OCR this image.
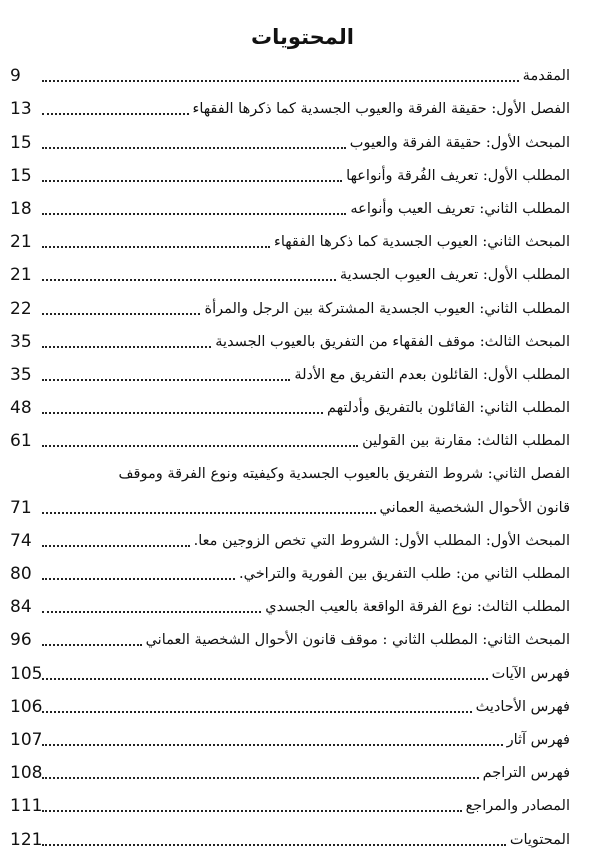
المحتويات
9	المقدمة
13	الفصل الأول: حقيقة الفرقة والعيوب الجسدية كما ذكرها الفقهاء
15	المبحث الأول: حقيقة الفرقة والعيوب
15	المطلب الأول: تعريف الفُرقة وأنواعها
18	المطلب الثاني: تعريف العيب وأنواعه
21	المبحث الثاني: العيوب الجسدية كما ذكرها الفقهاء
21	المطلب الأول: تعريف العيوب الجسدية
22	المطلب الثاني: العيوب الجسدية المشتركة بين الرجل والمرأة
35	المبحث الثالث: موقف الفقهاء من التفريق بالعيوب الجسدية
35	المطلب الأول: القائلون بعدم التفريق مع الأدلة
48	المطلب الثاني: القائلون بالتفريق وأدلتهم
61	المطلب الثالث: مقارنة بين القولين
الفصل الثاني: شروط التفريق بالعيوب الجسدية وكيفيته ونوع الفرقة وموقف
71	قانون الأحوال الشخصية العماني
74	المبحث الأول: المطلب الأول: الشروط التي تخص الزوجين معا.
80	المطلب الثاني من: طلب التفريق بين الفورية والتراخي.
84	المطلب الثالث: نوع الفرقة الواقعة بالعيب الجسدي
96	المبحث الثاني: المطلب الثاني : موقف قانون الأحوال الشخصية العماني
105	فهرس الآيات
106	فهرس الأحاديث
107	فهرس آثار
108	فهرس التراجم
111	المصادر والمراجع
121	المحتويات
